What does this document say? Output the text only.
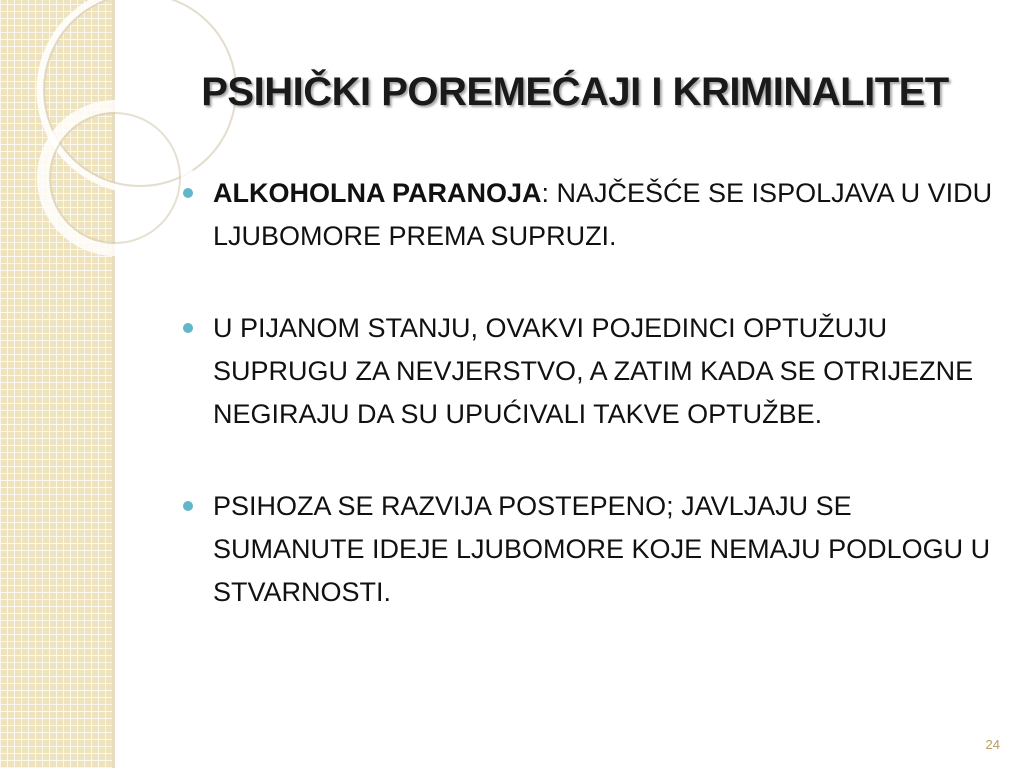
PSIHIČKI POREMEĆAJI I KRIMINALITET
ALKOHOLNA PARANOJA: NAJČEŠĆE SE ISPOLJAVA U VIDU LJUBOMORE PREMA SUPRUZI.
U PIJANOM STANJU, OVAKVI POJEDINCI OPTUŽUJU SUPRUGU ZA NEVJERSTVO, A ZATIM KADA SE OTRIJEZNE NEGIRAJU DA SU UPUĆIVALI TAKVE OPTUŽBE.
PSIHOZA SE RAZVIJA POSTEPENO; JAVLJAJU SE SUMANUTE IDEJE LJUBOMORE KOJE NEMAJU PODLOGU U STVARNOSTI.
24
